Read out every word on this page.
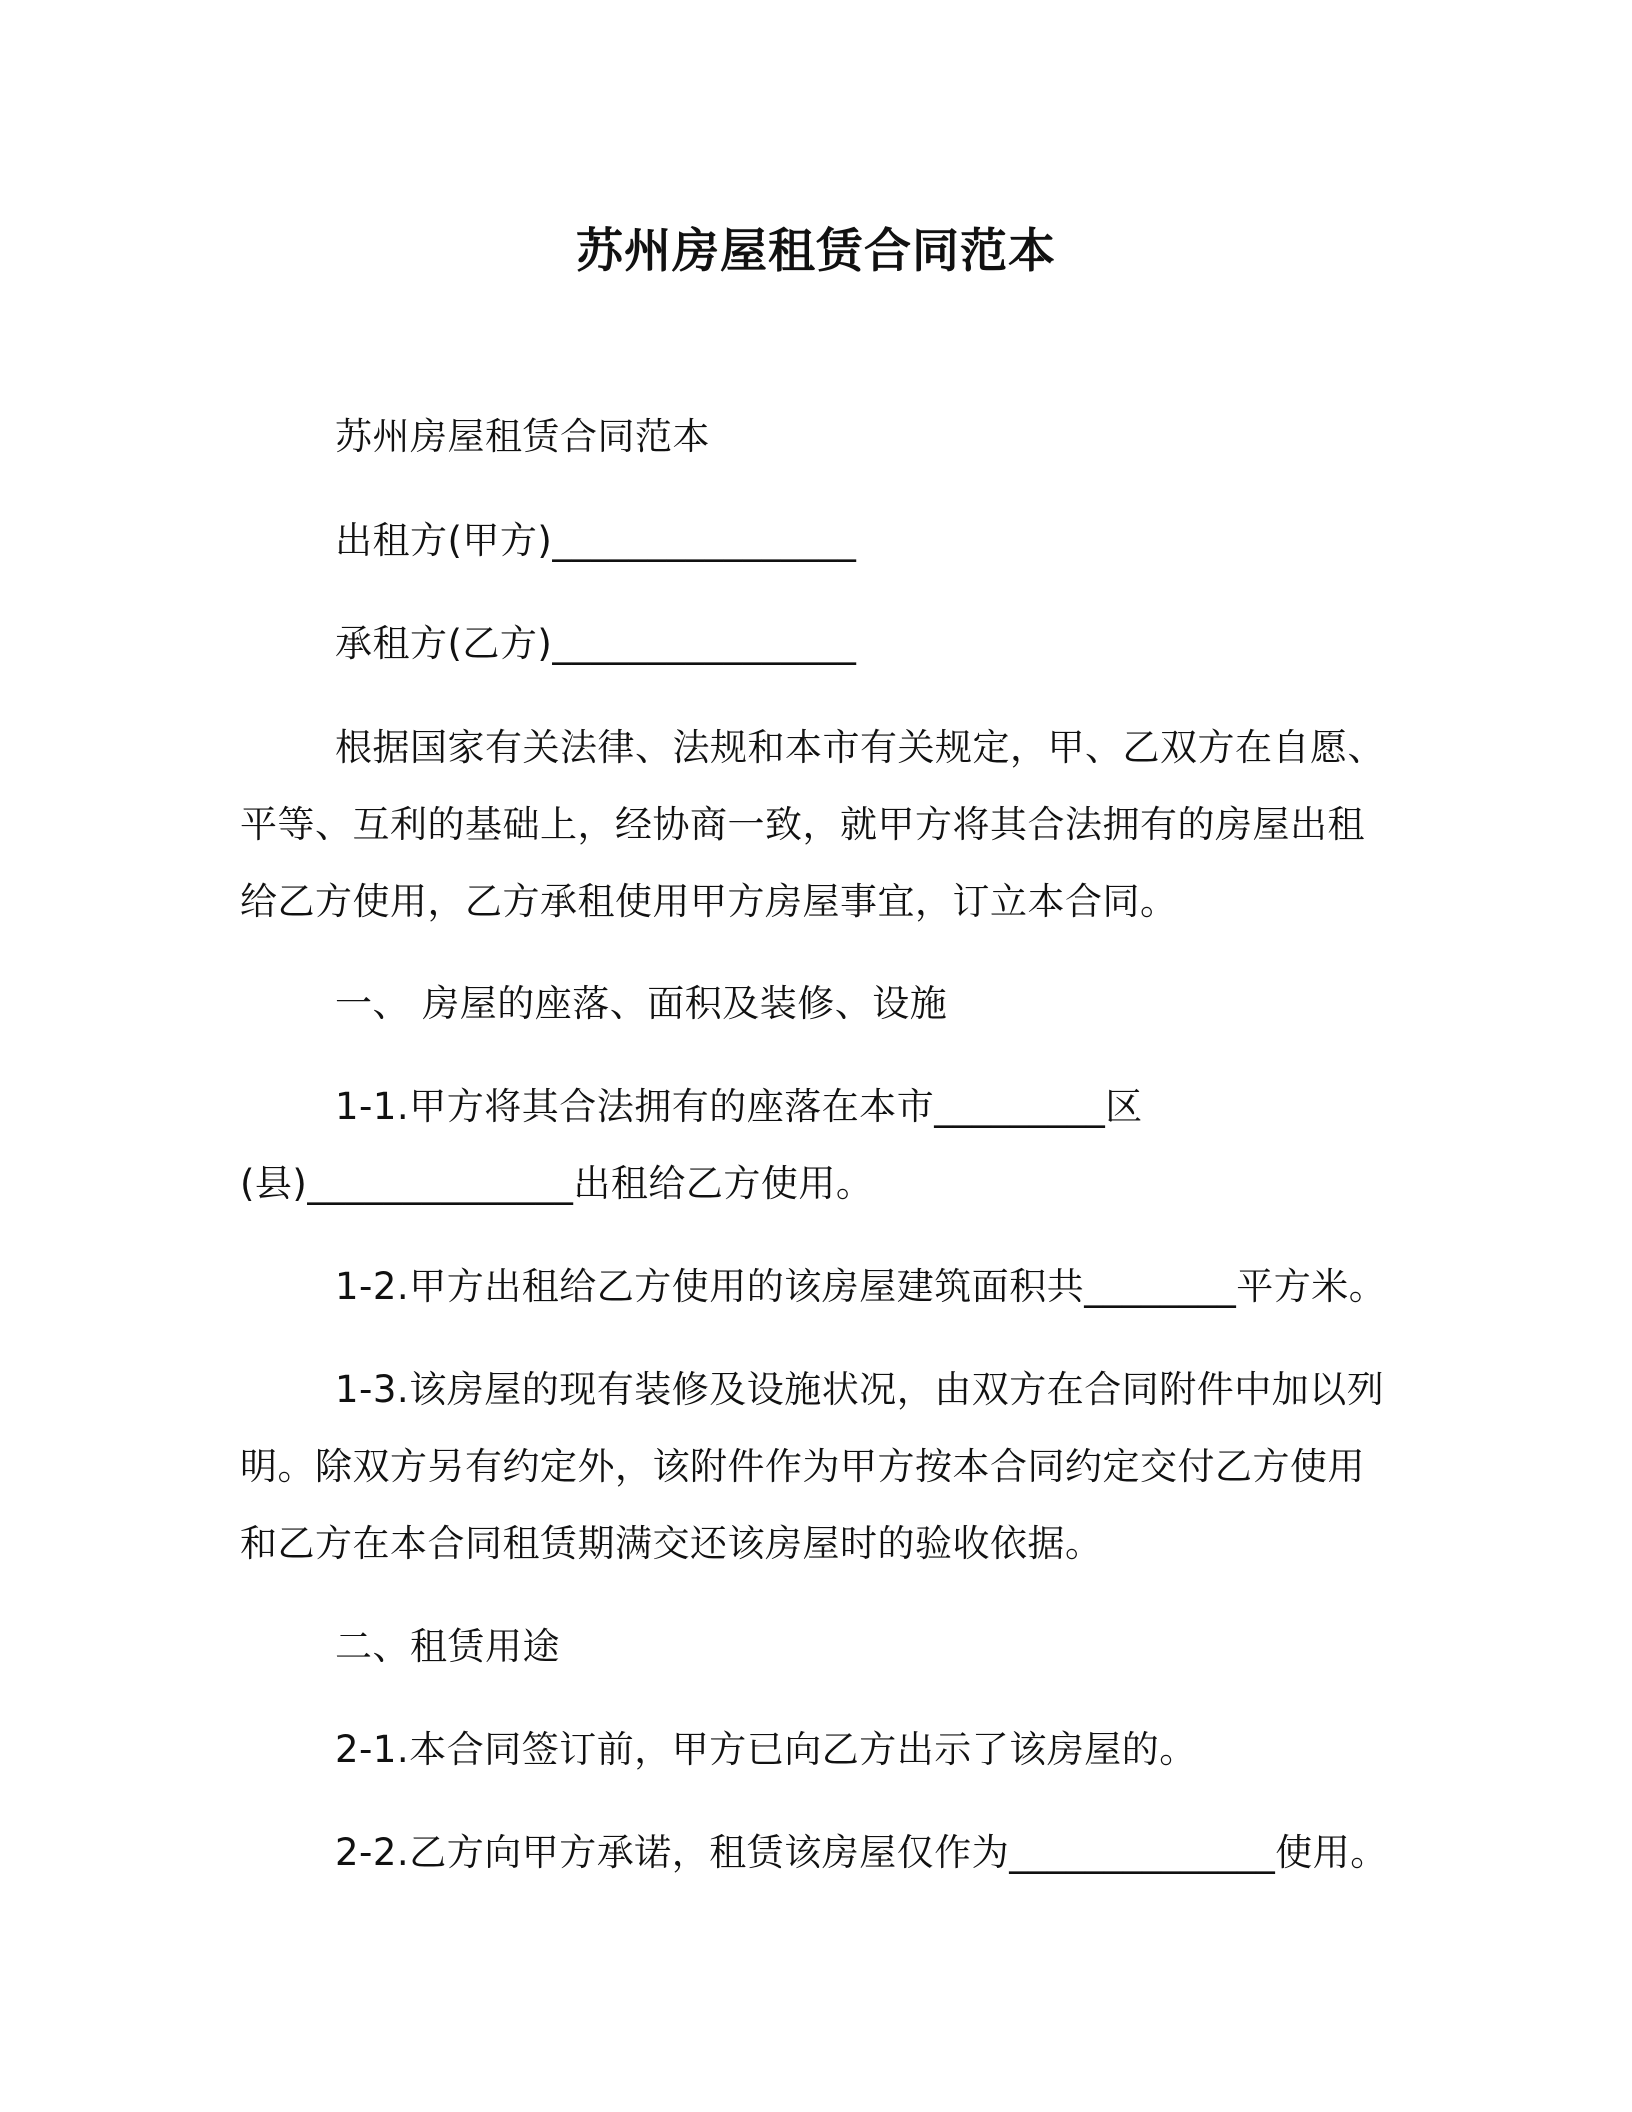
苏州房屋租赁合同范本
苏州房屋租赁合同范本
出租方(甲方)________________
承租方(乙方)________________
根据国家有关法律、法规和本市有关规定，甲、乙双方在自愿、
平等、互利的基础上，经协商一致，就甲方将其合法拥有的房屋出租
给乙方使用，乙方承租使用甲方房屋事宜，订立本合同。
一、 房屋的座落、面积及装修、设施
1-1.甲方将其合法拥有的座落在本市_________区
(县)______________出租给乙方使用。
1-2.甲方出租给乙方使用的该房屋建筑面积共________平方米。
1-3.该房屋的现有装修及设施状况，由双方在合同附件中加以列
明。除双方另有约定外，该附件作为甲方按本合同约定交付乙方使用
和乙方在本合同租赁期满交还该房屋时的验收依据。
二、租赁用途
2-1.本合同签订前，甲方已向乙方出示了该房屋的。
2-2.乙方向甲方承诺，租赁该房屋仅作为______________使用。
